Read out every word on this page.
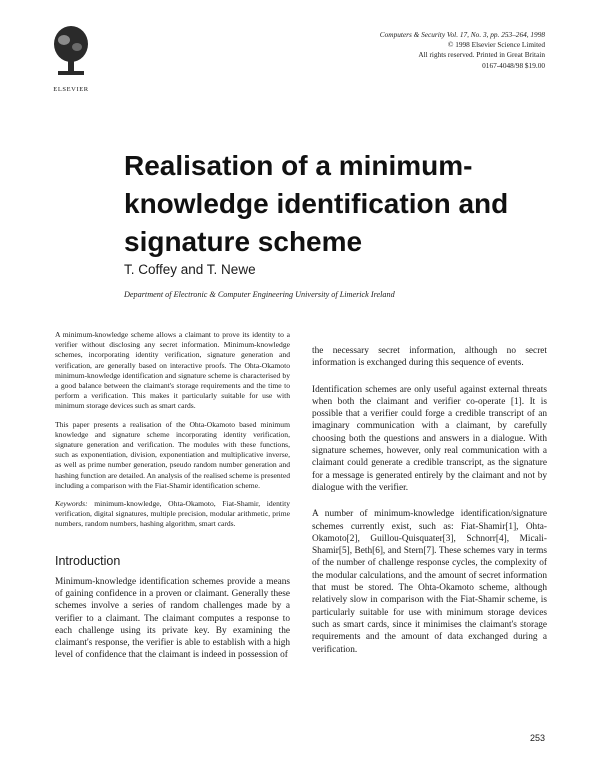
ELSEVIER
Computers & Security Vol. 17, No. 3, pp. 253–264, 1998
© 1998 Elsevier Science Limited
All rights reserved. Printed in Great Britain
0167-4048/98 $19.00
Realisation of a minimum-knowledge identification and signature scheme
T. Coffey and T. Newe
Department of Electronic & Computer Engineering University of Limerick Ireland

A minimum-knowledge scheme allows a claimant to prove its identity to a verifier without disclosing any secret information. Minimum-knowledge schemes, incorporating identity verification, signature generation and verification, are generally based on interactive proofs. The Ohta-Okamoto minimum-knowledge identification and signature scheme is characterised by a good balance between the claimant's storage requirements and the time to perform a verification. This makes it particularly suitable for use with minimum storage devices such as smart cards.

This paper presents a realisation of the Ohta-Okamoto based minimum knowledge and signature scheme incorporating identity verification, signature generation and verification. The modules with these functions, such as exponentiation, division, exponentiation and multiplicative inverse, as well as prime number generation, pseudo random number generation and hashing function are detailed. An analysis of the realised scheme is presented including a comparison with the Fiat-Shamir identification scheme.

Keywords: minimum-knowledge, Ohta-Okamoto, Fiat-Shamir, identity verification, digital signatures, multiple precision, modular arithmetic, prime numbers, random numbers, hashing algorithm, smart cards.

Introduction

Minimum-knowledge identification schemes provide a means of gaining confidence in a proven or claimant. Generally these schemes involve a series of random challenges made by a verifier to a claimant. The claimant computes a response to each challenge using its private key. By examining the claimant's response, the verifier is able to establish with a high level of confidence that the claimant is indeed in possession of

the necessary secret information, although no secret information is exchanged during this sequence of events.

Identification schemes are only useful against external threats when both the claimant and verifier co-operate [1]. It is possible that a verifier could forge a credible transcript of an imaginary communication with a claimant, by carefully choosing both the questions and answers in a dialogue. With signature schemes, however, only real communication with a claimant could generate a credible transcript, as the signature for a message is generated entirely by the claimant and not by dialogue with the verifier.

A number of minimum-knowledge identification/signature schemes currently exist, such as: Fiat-Shamir[1], Ohta-Okamoto[2], Guillou-Quisquater[3], Schnorr[4], Micali-Shamir[5], Beth[6], and Stern[7]. These schemes vary in terms of the number of challenge response cycles, the complexity of the modular calculations, and the amount of secret information that must be stored. The Ohta-Okamoto scheme, although relatively slow in comparison with the Fiat-Shamir scheme, is particularly suitable for use with minimum storage devices such as smart cards, since it minimises the claimant's storage requirements and the amount of data exchanged during a verification.

253
